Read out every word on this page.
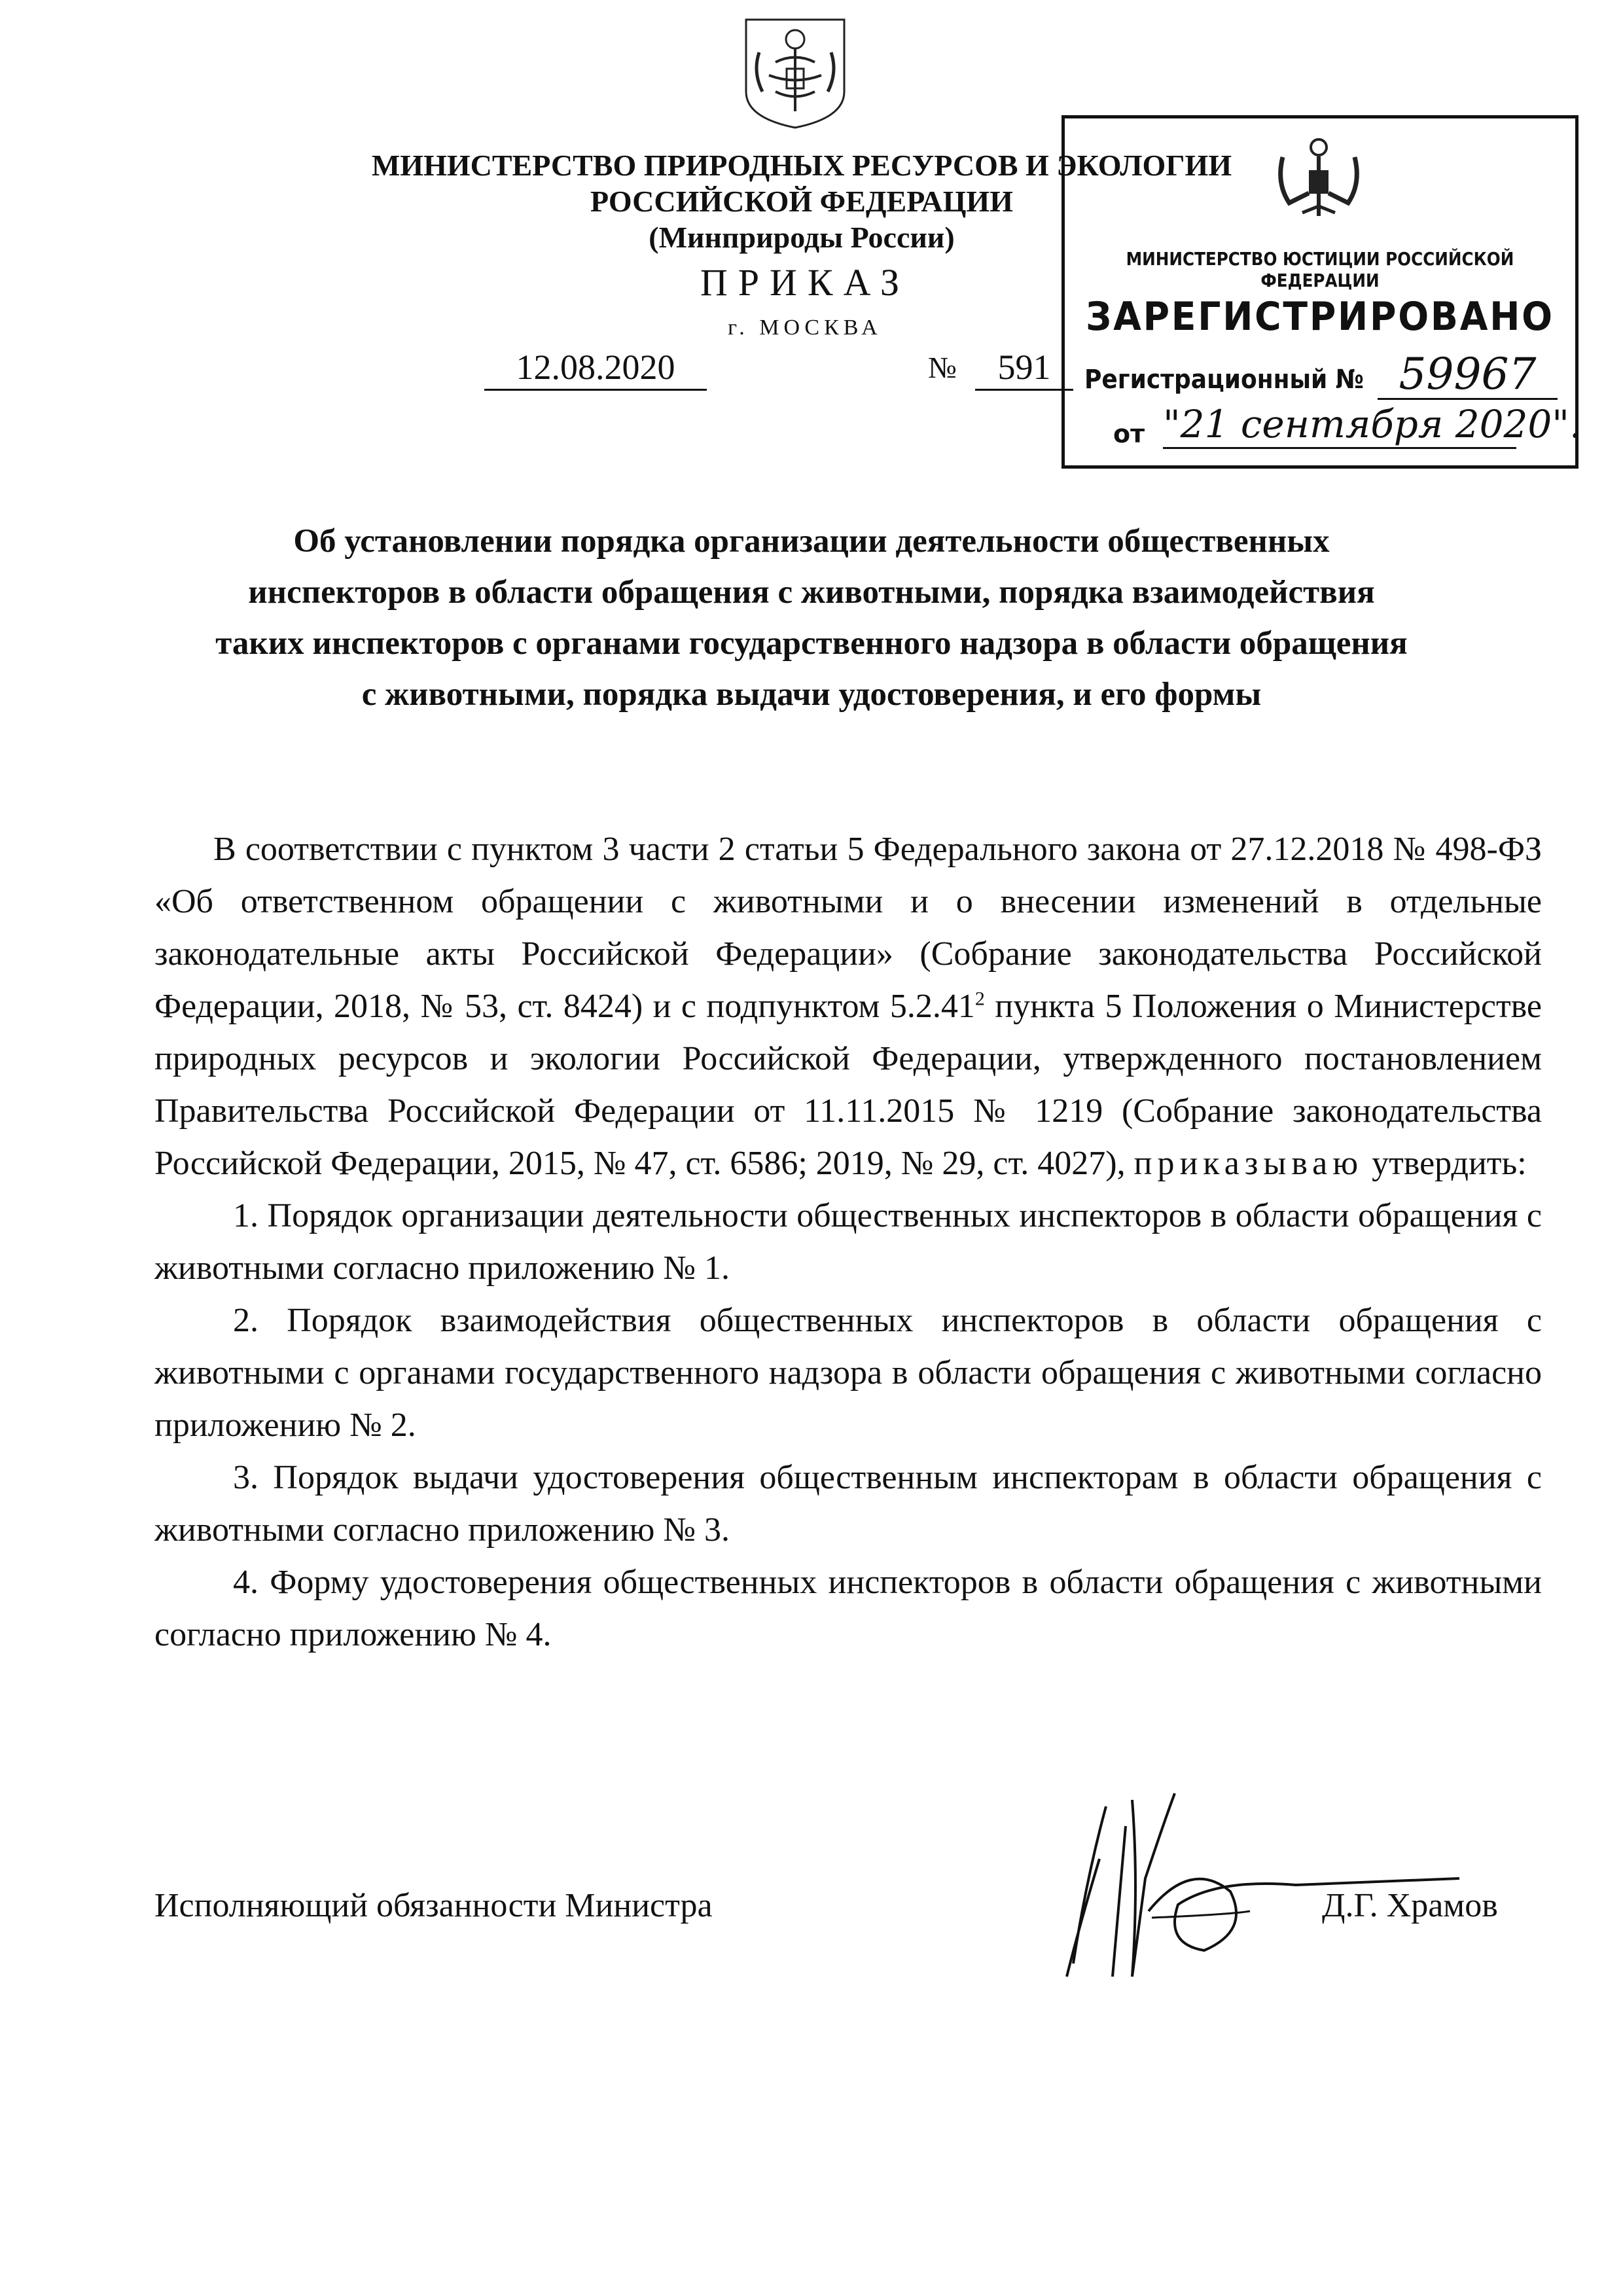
МИНИСТЕРСТВО ПРИРОДНЫХ РЕСУРСОВ И ЭКОЛОГИИ
РОССИЙСКОЙ ФЕДЕРАЦИИ
(Минприроды России)
ПРИКАЗ
г. МОСКВА
12.08.2020	№	591
МИНИСТЕРСТВО ЮСТИЦИИ РОССИЙСКОЙ ФЕДЕРАЦИИ
ЗАРЕГИСТРИРОВАНО
Регистрационный № 59967
от "21 сентября 2020".
Об установлении порядка организации деятельности общественных
инспекторов в области обращения с животными, порядка взаимодействия
таких инспекторов с органами государственного надзора в области обращения
с животными, порядка выдачи удостоверения, и его формы

В соответствии с пунктом 3 части 2 статьи 5 Федерального закона от 27.12.2018 № 498-ФЗ «Об ответственном обращении с животными и о внесении изменений в отдельные законодательные акты Российской Федерации» (Собрание законодательства Российской Федерации, 2018, № 53, ст. 8424) и с подпунктом 5.2.41$^2$ пункта 5 Положения о Министерстве природных ресурсов и экологии Российской Федерации, утвержденного постановлением Правительства Российской Федерации от 11.11.2015 № 1219 (Собрание законодательства Российской Федерации, 2015, № 47, ст. 6586; 2019, № 29, ст. 4027), приказываю утвердить:

1. Порядок организации деятельности общественных инспекторов в области обращения с животными согласно приложению № 1.

2. Порядок взаимодействия общественных инспекторов в области обращения с животными с органами государственного надзора в области обращения с животными согласно приложению № 2.

3. Порядок выдачи удостоверения общественным инспекторам в области обращения с животными согласно приложению № 3.

4. Форму удостоверения общественных инспекторов в области обращения с животными согласно приложению № 4.

Исполняющий обязанности Министра	Д.Г. Храмов
